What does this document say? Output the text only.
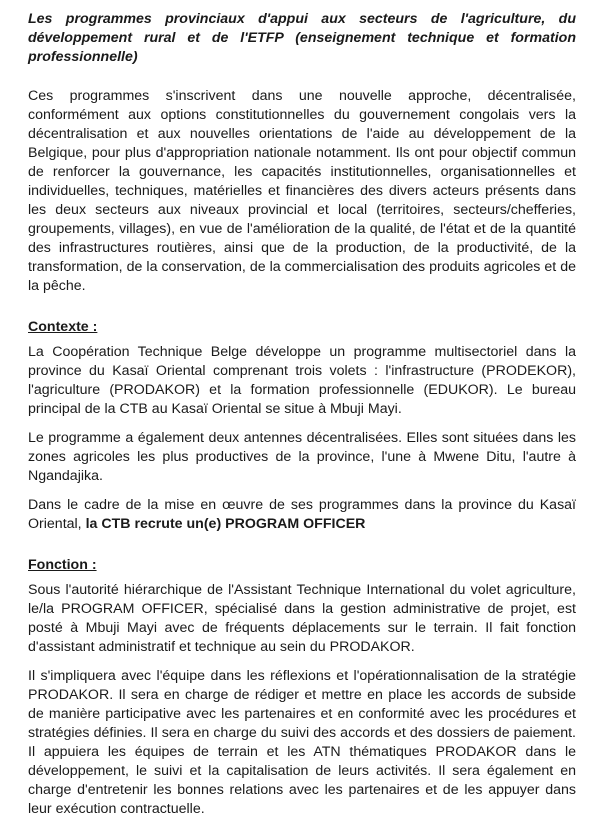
Les programmes provinciaux d'appui aux secteurs de l'agriculture, du développement rural et de l'ETFP (enseignement technique et formation professionnelle)

Ces programmes s'inscrivent dans une nouvelle approche, décentralisée, conformément aux options constitutionnelles du gouvernement congolais vers la décentralisation et aux nouvelles orientations de l'aide au développement de la Belgique, pour plus d'appropriation nationale notamment. Ils ont pour objectif commun de renforcer la gouvernance, les capacités institutionnelles, organisationnelles et individuelles, techniques, matérielles et financières des divers acteurs présents dans les deux secteurs aux niveaux provincial et local (territoires, secteurs/chefferies, groupements, villages), en vue de l'amélioration de la qualité, de l'état et de la quantité des infrastructures routières, ainsi que de la production, de la productivité, de la transformation, de la conservation, de la commercialisation des produits agricoles et de la pêche.

Contexte :

La Coopération Technique Belge développe un programme multisectoriel dans la province du Kasaï Oriental comprenant trois volets : l'infrastructure (PRODEKOR), l'agriculture (PRODAKOR) et la formation professionnelle (EDUKOR). Le bureau principal de la CTB au Kasaï Oriental se situe à Mbuji Mayi.

Le programme a également deux antennes décentralisées. Elles sont situées dans les zones agricoles les plus productives de la province, l'une à Mwene Ditu, l'autre à Ngandajika.

Dans le cadre de la mise en œuvre de ses programmes dans la province du Kasaï Oriental, la CTB recrute un(e) PROGRAM OFFICER

Fonction :

Sous l'autorité hiérarchique de l'Assistant Technique International du volet agriculture, le/la PROGRAM OFFICER, spécialisé dans la gestion administrative de projet, est posté à Mbuji Mayi avec de fréquents déplacements sur le terrain. Il fait fonction d'assistant administratif et technique au sein du PRODAKOR.

Il s'impliquera avec l'équipe dans les réflexions et l'opérationnalisation de la stratégie PRODAKOR. Il sera en charge de rédiger et mettre en place les accords de subside de manière participative avec les partenaires et en conformité avec les procédures et stratégies définies. Il sera en charge du suivi des accords et des dossiers de paiement. Il appuiera les équipes de terrain et les ATN thématiques PRODAKOR dans le développement, le suivi et la capitalisation de leurs activités. Il sera également en charge d'entretenir les bonnes relations avec les partenaires et de les appuyer dans leur exécution contractuelle.
